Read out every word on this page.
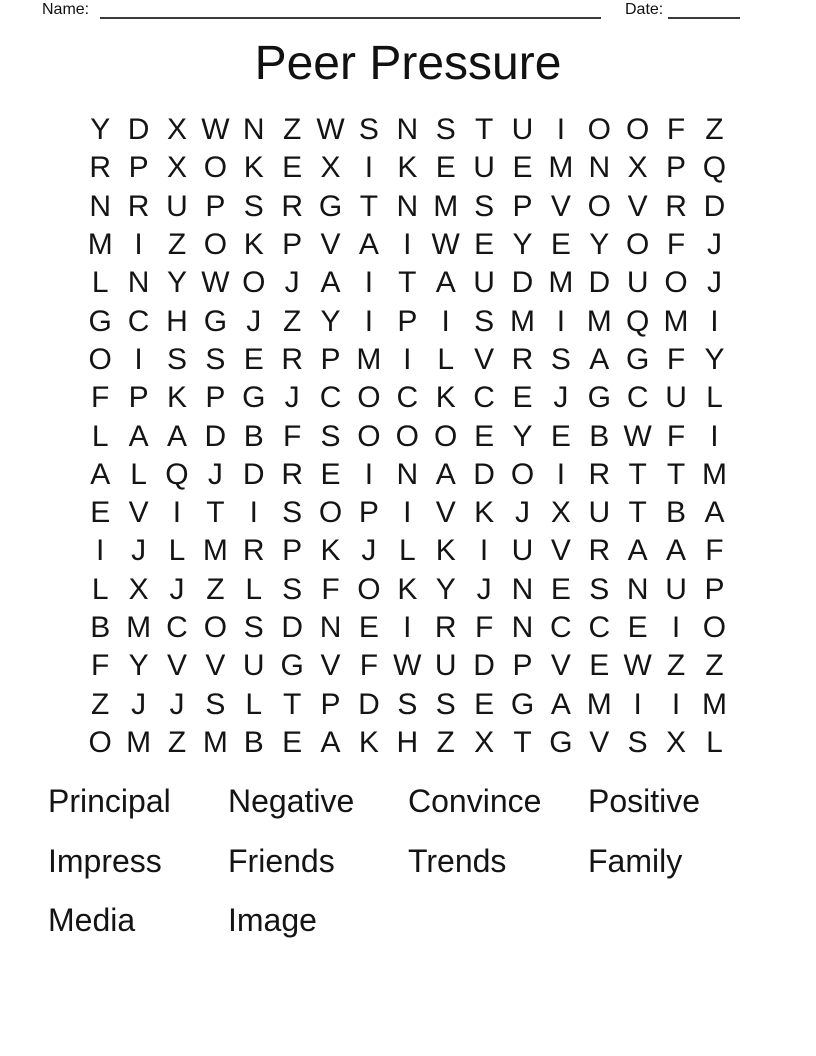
Name:	Date:
Peer Pressure
Y D X W N Z W S N S T U I O O F Z
R P X O K E X I K E U E M N X P Q
N R U P S R G T N M S P V O V R D
M I Z O K P V A I W E Y E Y O F J
L N Y W O J A I T A U D M D U O J
G C H G J Z Y I P I S M I M Q M I
O I S S E R P M I L V R S A G F Y
F P K P G J C O C K C E J G C U L
L A A D B F S O O O E Y E B W F I
A L Q J D R E I N A D O I R T T M
E V I T I S O P I V K J X U T B A
I J L M R P K J L K I U V R A A F
L X J Z L S F O K Y J N E S N U P
B M C O S D N E I R F N C C E I O
F Y V V U G V F W U D P V E W Z Z
Z J J S L T P D S S E G A M I	I M
O M Z M B E A K H Z X T G V S X L
Principal	Negative	Convince	Positive
Impress	Friends	Trends	Family
Media	Image
